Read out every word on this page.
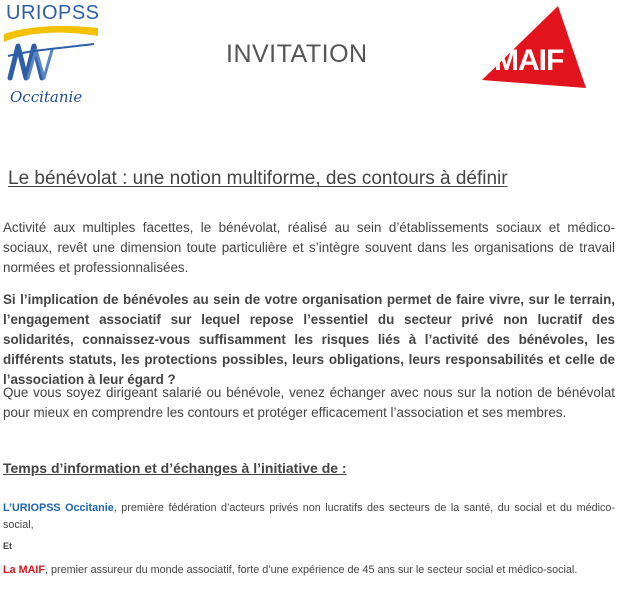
URIOPSS
Occitanie
INVITATION	MAIF
Le bénévolat : une notion multiforme, des contours à définir

Activité aux multiples facettes, le bénévolat, réalisé au sein d’établissements sociaux et médico-sociaux, revêt une dimension toute particulière et s’intègre souvent dans les organisations de travail normées et professionnalisées.

Si l’implication de bénévoles au sein de votre organisation permet de faire vivre, sur le terrain, l’engagement associatif sur lequel repose l’essentiel du secteur privé non lucratif des solidarités, connaissez-vous suffisamment les risques liés à l’activité des bénévoles, les différents statuts, les protections possibles, leurs obligations, leurs responsabilités et celle de l’association à leur égard ?

Que vous soyez dirigeant salarié ou bénévole, venez échanger avec nous sur la notion de bénévolat pour mieux en comprendre les contours et protéger efficacement l’association et ses membres.

Temps d’information et d’échanges à l’initiative de :

L’URIOPSS Occitanie, première fédération d’acteurs privés non lucratifs des secteurs de la santé, du social et du médico-social,

Et

La MAIF, premier assureur du monde associatif, forte d’une expérience de 45 ans sur le secteur social et médico-social.
